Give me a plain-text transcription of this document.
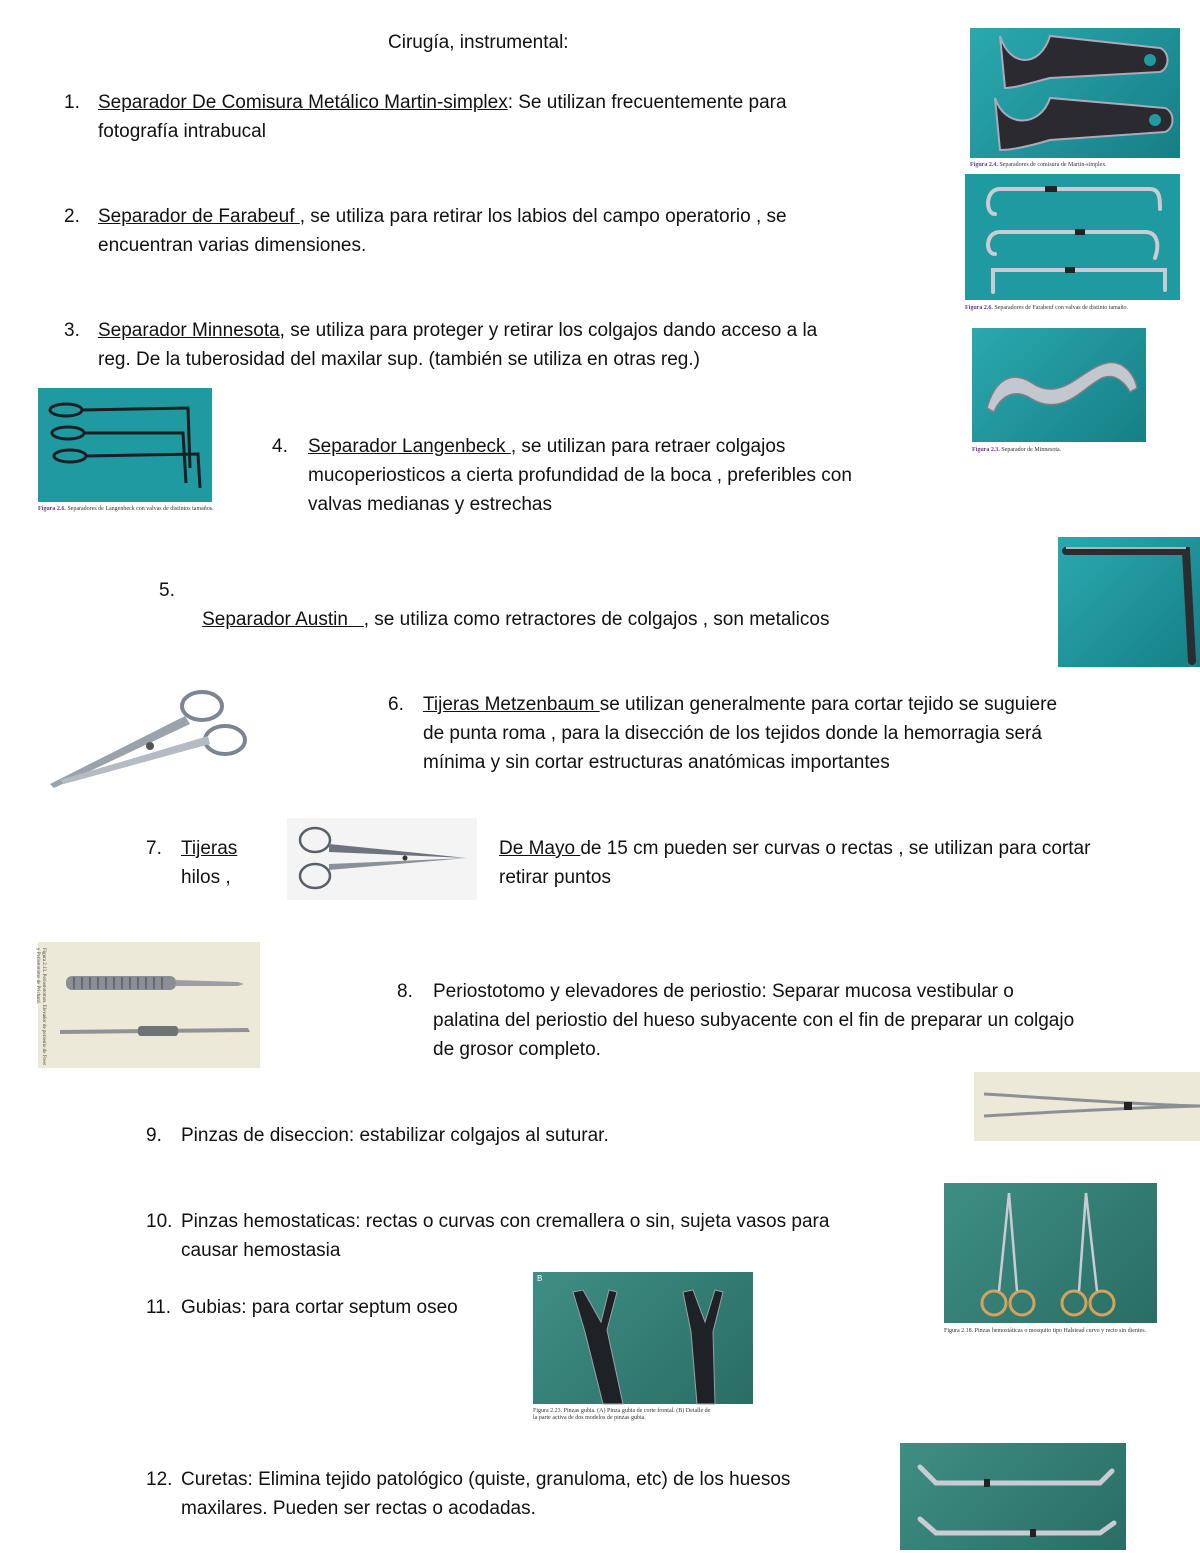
Cirugía, instrumental:
1. Separador De Comisura Metálico Martin-simplex: Se utilizan frecuentemente para
fotografía intrabucal
2. Separador de Farabeuf , se utiliza para retirar los labios del campo operatorio , se
encuentran varias dimensiones.
3. Separador Minnesota, se utiliza para proteger y retirar los colgajos dando acceso a la
reg. De la tuberosidad del maxilar sup. (también se utiliza en otras reg.)
4.	Separador Langenbeck , se utilizan para retraer colgajos
mucoperiosticos a cierta profundidad de la boca , preferibles con
valvas medianas y estrechas
5.

Separador Austin   , se utiliza como retractores de colgajos , son metalicos

6.	Tijeras Metzenbaum se utilizan generalmente para cortar tejido se suguiere
de punta roma , para la disección de los tejidos donde la hemorragia será
mínima y sin cortar estructuras anatómicas importantes
7.	Tijeras
hilos ,
De Mayo de 15 cm pueden ser curvas o rectas , se utilizan para cortar
retirar puntos
8.	Periostotomo y elevadores de periostio: Separar mucosa vestibular o
palatina del periostio del hueso subyacente con el fin de preparar un colgajo
de grosor completo.
9.	Pinzas de diseccion: estabilizar colgajos al suturar.
10. Pinzas hemostaticas: rectas o curvas con cremallera o sin, sujeta vasos para
causar hemostasia
11. Gubias: para cortar septum oseo
12. Curetas: Elimina tejido patológico (quiste, granuloma, etc) de los huesos
maxilares. Pueden ser rectas o acodadas.
Figura 2.4. Separadores de comisura de Martin-simplex.
Figura 2.6. Separadores de Farabeuf con valvas de distinto tamaño.
Figura 2.3. Separador de Minnesota.
Figura 2.6. Separadores de Langenbeck con valvas de distintos tamaños.
Figura 2.13. Periostotomos. Elevador de periostio de Freer y Periostotomo de Prichard.
Figura 2.18. Pinzas hemostáticas o mosquito tipo Halstead curvo y recto sin dientes.
B
Figura 2.23. Pinzas gubia. (A) Pinza gubia de corte frontal. (B) Detalle de
la parte activa de dos modelos de pinzas gubia.
